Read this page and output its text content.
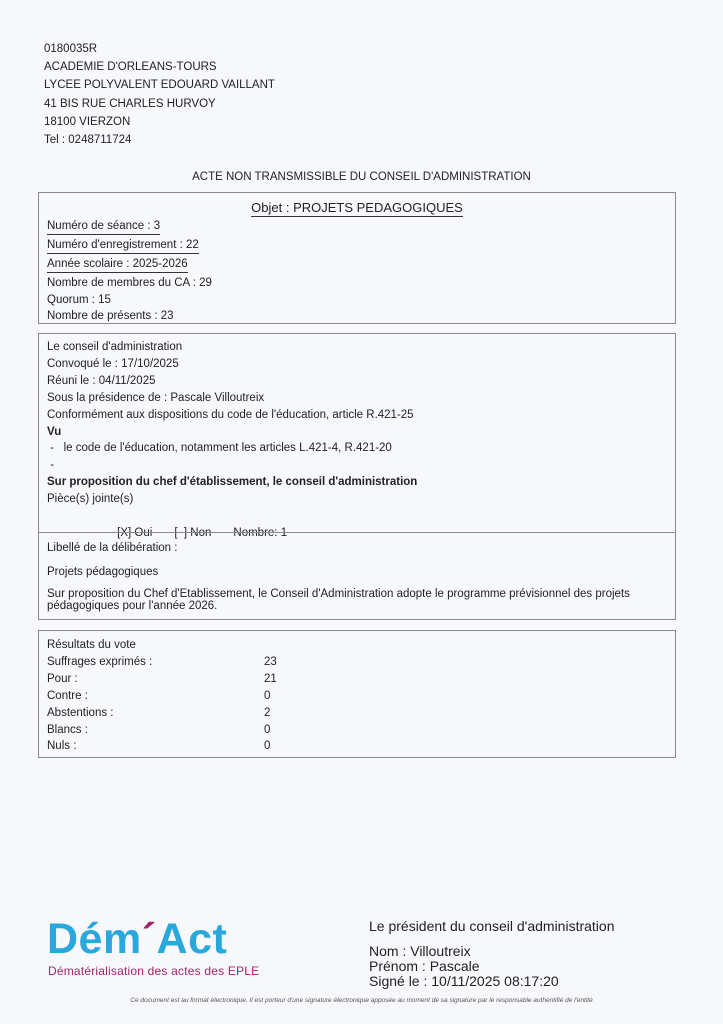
0180035R
ACADEMIE D'ORLEANS-TOURS
LYCEE POLYVALENT EDOUARD VAILLANT
41 BIS RUE CHARLES HURVOY
18100 VIERZON
Tel : 0248711724
ACTE NON TRANSMISSIBLE DU CONSEIL D'ADMINISTRATION
Objet : PROJETS PEDAGOGIQUES
Numéro de séance : 3
Numéro d'enregistrement : 22
Année scolaire : 2025-2026
Nombre de membres du CA : 29
Quorum : 15
Nombre de présents : 23
Le conseil d'administration
Convoqué le : 17/10/2025
Réuni le : 04/11/2025
Sous la présidence de : Pascale Villoutreix
Conformément aux dispositions du code de l'éducation, article R.421-25
Vu
-   le code de l'éducation, notamment les articles L.421-4, R.421-20
-
Sur proposition du chef d'établissement, le conseil d'administration
Pièce(s) jointe(s)

[X] Oui [  ] Non Nombre: 1

Libellé de la délibération :
Projets pédagogiques
Sur proposition du Chef d'Etablissement, le Conseil d'Administration adopte le programme prévisionnel des projets pédagogiques pour l'année 2026.
Résultats du vote
Suffrages exprimés :	23
Pour :	21
Contre :	0
Abstentions :	2
Blancs :	0
Nuls :	0
Dém´Act
Dématérialisation des actes des EPLE
Le président du conseil d'administration
Nom : Villoutreix
Prénom : Pascale
Signé le : 10/11/2025 08:17:20
Ce document est au format électronique. Il est porteur d'une signature électronique apposée au moment de sa signature par le responsable authentifié de l'entité
